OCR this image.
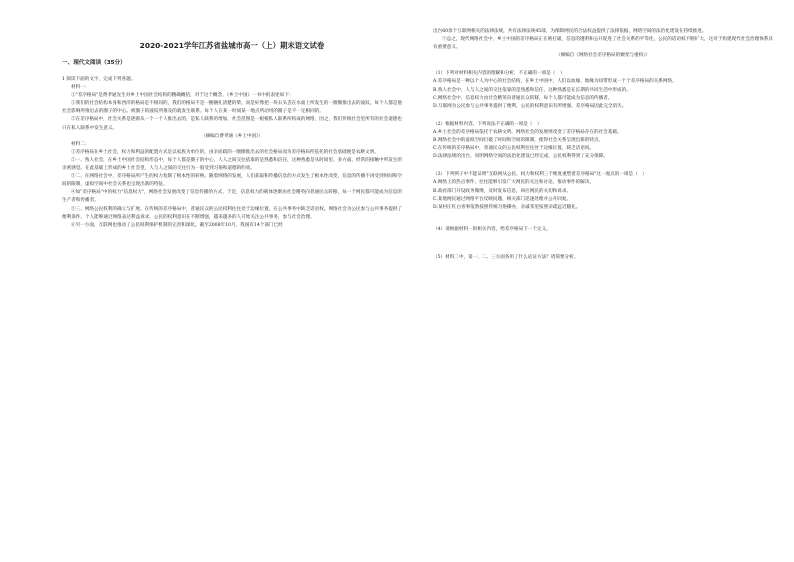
2020-2021学年江苏省盐城市高一（上）期末语文试卷
一、现代文阅读（35分）

1 阅读下面的文字，完成下列各题。

材料一：

①"差序格局"是费孝通先生对乡土中国社会结构的精确概括，对于这个概念，《乡土中国》一书中的表述如下：

①我们的社会结构本身和西洋的格局是不相同的，我们的格局不是一捆捆扎清楚的柴，而是好像把一块石头丢在水面上所发生的一圈圈推出去的波纹。每个人都是他社会影响所推出去的圈子的中心。被圈子的波纹所推及的就发生联系。每个人在某一时间某一地点所动用的圈子是不一定相同的。

②在差序格局中，社会关系是逐渐从一个一个人推出去的，是私人联系的增加，社会范围是一根根私人联系所构成的网络，因之，我们传统社会里所有的社会道德也只在私人联系中发生意义。

（摘编自费孝通《乡土中国》）

材料二：

①差序格局在乡土社会，权力和利益的配置方式是以家族为单位的，由亲而疏的一圈圈推出去的社会格局而为差序格局所依托的社会基础便是农耕文明。

②一、熟人社会，在乡土中国社会结构形态中，每个人都是圈子的中心，人人之间交往依靠的是熟悉和信任，这种熟悉是从时间里、多方面、经常的接触中所发生的亲密感觉。在此基础上形成的乡土社会里，人与人之间的交往行为一般受到习俗和道德的约束。

③二、在网络社会中，差序格局所产生的权力复制了根本性的转换。随着网络的发展，人们获取和传播信息的方式发生了根本性改变，信息的传播不再受到时间和空间的限制，虚拟空间中社会关系也呈现出新的特征。

④如"差序格局"中的权力"信息权力"，网络社会发展改变了信息传播的方式，于是，信息权力的载体逐渐由社会精英向普通民众转移，每一个网民都可能成为信息的生产者和传播者。

⑤三、网络公民权利的确立与扩展。在传统的差序格局中，普通民众的公民权利往往处于边缘位置，在公共事务中缺乏话语权。网络社会为公民参与公共事务提供了便利条件，个人能够通过网络表达利益诉求，公民的权利意识在不断增强，越来越多的人开始关注公共事务，参与社会治理。

⑥另一方面，互联网也推动了公民权利保护机制的完善和深化。截至2008年10月，我国有14个部门已经

出台60余个互联网相关的法律法规，共有法律法规45部，为保障网民的合法权益提供了法律依据，网络空间的法治化建设在持续推进。

⑦总之，现代网络社会中，乡土中国的差序格局正在被打破，信息的透明和公开促进了社会关系的平等化，公民的话语权不断扩大，这对于构建现代社会治理体系具有重要意义。

（摘编自《网络社会差序格局的嬗变与重构》）

（1）下列对材料相关内容的理解和分析，不正确的一项是（　）

A.差序格局是一种以个人为中心的社会结构，在乡土中国中，人们以血缘、地缘为纽带形成一个个差序格局的关系网络。

B.熟人社会中，人与人之间的交往依靠的是熟悉和信任，这种熟悉是在长期的共同生活中形成的。

C.网络社会中，信息权力由社会精英向普通民众转移，每个人都可能成为信息的传播者。

D.互联网为公民参与公共事务提供了便利，公民的权利意识有所增强，差序格局因此完全消失。

（2）根据材料内容，下列说法不正确的一项是（　）

A.乡土社会的差序格局依托于农耕文明，网络社会的发展则改变了差序格局存在的社会基础。

B.网络社会中的虚拟空间打破了时间和空间的限制，使得社会关系呈现出新的特点。

C.在传统的差序格局中，普通民众的公民权利往往处于边缘位置，缺乏话语权。

D.法律法规的出台，说明网络空间的法治化建设已经完成，公民权利得到了充分保障。

（3）下列例子中不能证明"互联网从公民、权力和权利三个维度重塑着差序格局"这一观点的一项是（　）

A.网络上的热点事件，往往能够引发广大网民的关注和讨论，推动事件的解决。

B.政府部门开设政务微博，及时发布信息，回应网民的关切和诉求。

C.某地网民通过网络平台反映问题，相关部门迅速处理并公开回复。

D.某村庄红白喜事依然按照传统习俗操办，亲戚邻里按照亲疏远近随礼。

（4）请根据材料一的相关内容，给差序格局下一个定义。

（5）材料二中，第一、二、三方面各用了什么论证方法？请简要分析。
